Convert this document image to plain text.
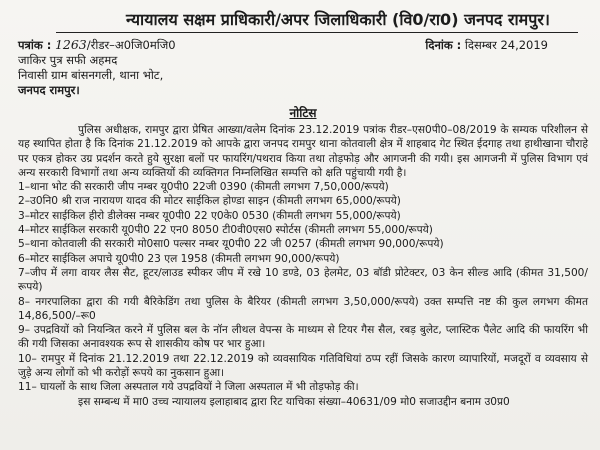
न्यायालय सक्षम प्राधिकारी/अपर जिलाधिकारी (वि0/रा0) जनपद रामपुर।
पत्रांक : 1263/रीडर–अ0जि0मजि0	दिनांक : दिसम्बर 24,2019
जाकिर पुत्र सफी अहमद
निवासी ग्राम बांसनगली, थाना भोट,
जनपद रामपुर।
नोटिस

पुलिस अधीक्षक, रामपुर द्वारा प्रेषित आख्या/वलेम दिनांक 23.12.2019 पत्रांक रीडर–एस0पी0–08/2019 के सम्यक परिशीलन से यह स्थापित होता है कि दिनांक 21.12.2019 को आपके द्वारा जनपद रामपुर थाना कोतवाली क्षेत्र में शाहबाद गेट स्थित ईदगाह तथा हाथीखाना चौराहे पर एकत्र होकर उग्र प्रदर्शन करते हुये सुरक्षा बलों पर फायरिंग/पथराव किया तथा तोड़फोड़ और आगजनी की गयी। इस आगजनी में पुलिस विभाग एवं अन्य सरकारी विभागों तथा अन्य व्यक्तियों की व्यक्तिगत निम्नलिखित सम्पत्ति को क्षति पहुंचायी गयी है।

1–थाना भोट की सरकारी जीप नम्बर यू0पी0 22जी 0390 (कीमती लगभग 7,50,000/रूपये)

2–उ0नि0 श्री राज नारायण यादव की मोटर साईकिल होण्डा साइन (कीमती लगभग 65,000/रूपये)

3–मोटर साईकिल हीरो डीलेक्स नम्बर यू0पी0 22 ए0के0 0530 (कीमती लगभग 55,000/रूपये)

4–मोटर साईकिल सरकारी यू0पी0 22 एन0 8050 टी0वी0एस0 स्पोर्टस (कीमती लगभग 55,000/रूपये)

5–थाना कोतवाली की सरकारी मो0सा0 पल्सर नम्बर यू0पी0 22 जी 0257 (कीमती लगभग 90,000/रूपये)

6–मोटर साईकिल अपाचे यू0पी0 23 एल 1958 (कीमती लगभग 90,000/रूपये)

7–जीप में लगा वायर लैस सैट, हूटर/लाउड स्पीकर जीप में रखे 10 डण्डे, 03 हेलमेट, 03 बॉडी प्रोटेक्टर, 03 केन सील्ड आदि (कीमत 31,500/रूपये)

8– नगरपालिका द्वारा की गयी बैरिकेडिंग तथा पुलिस के बैरियर (कीमती लगभग 3,50,000/रूपये) उक्त सम्पत्ति नष्ट की कुल लगभग कीमत 14,86,500/–रू0

9– उपद्रवियों को नियन्त्रित करने में पुलिस बल के नॉन लीथल वेपन्स के माध्यम से टियर गैस सैल, रबड़ बुलेट, प्लास्टिक पैलेट आदि की फायरिंग भी की गयी जिसका अनावश्यक रूप से शासकीय कोष पर भार हुआ।

10– रामपुर में दिनांक 21.12.2019 तथा 22.12.2019 को व्यवसायिक गतिविधियां ठप्प रहीं जिसके कारण व्यापारियों, मजदूरों व व्यवसाय से जुड़े अन्य लोगों को भी करोड़ों रूपये का नुकसान हुआ।

11– घायलों के साथ जिला अस्पताल गये उपद्रवियों ने जिला अस्पताल में भी तोड़फोड़ की।

इस सम्बन्ध में मा0 उच्च न्यायालय इलाहाबाद द्वारा रिट याचिका संख्या–40631/09 मो0 सजाउद्दीन बनाम उ0प्र0
